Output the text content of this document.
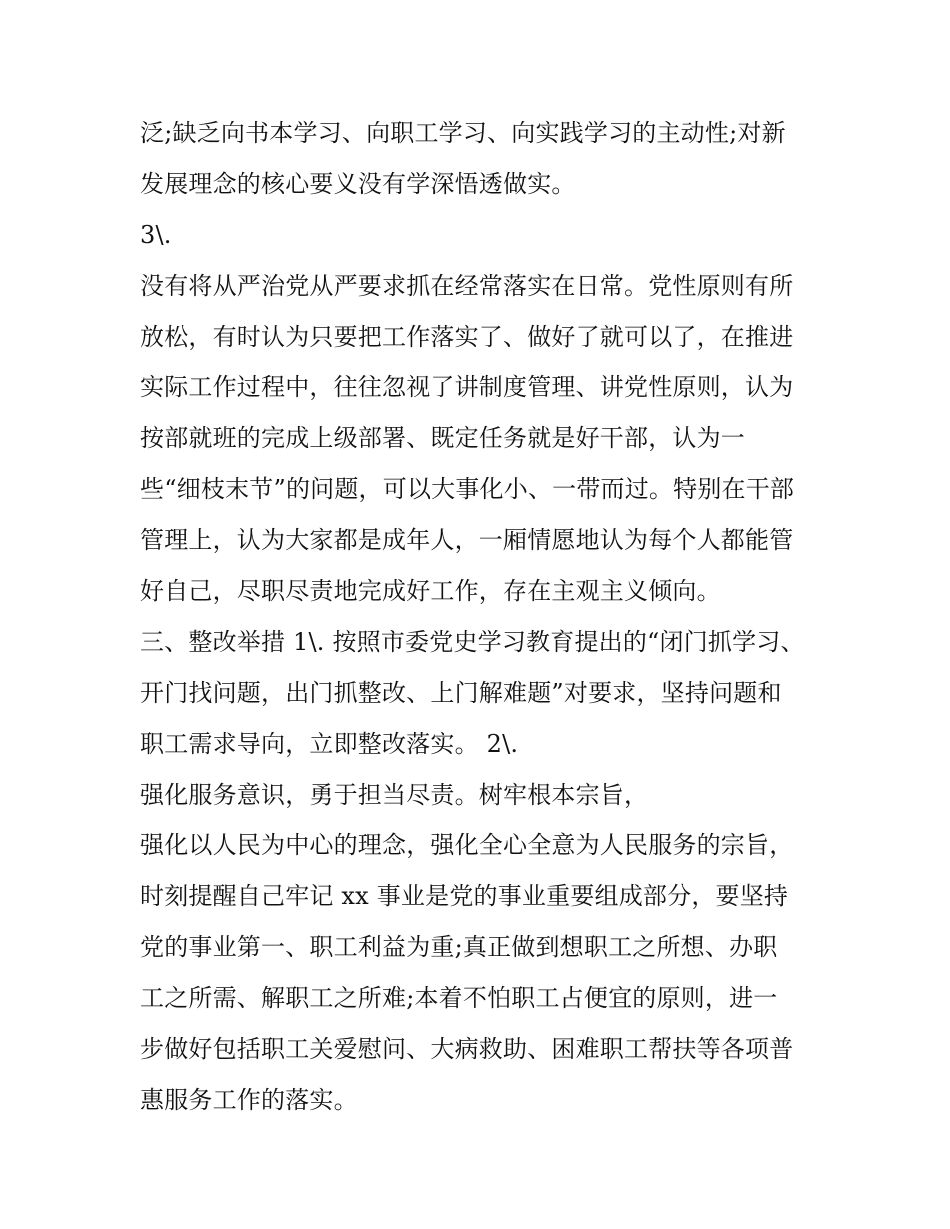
泛;缺乏向书本学习、向职工学习、向实践学习的主动性;对新
发展理念的核心要义没有学深悟透做实。
3\.
没有将从严治党从严要求抓在经常落实在日常。党性原则有所
放松，有时认为只要把工作落实了、做好了就可以了，在推进
实际工作过程中，往往忽视了讲制度管理、讲党性原则，认为
按部就班的完成上级部署、既定任务就是好干部，认为一
些“细枝末节”的问题，可以大事化小、一带而过。特别在干部
管理上，认为大家都是成年人，一厢情愿地认为每个人都能管
好自己，尽职尽责地完成好工作，存在主观主义倾向。
三、整改举措 1\. 按照市委党史学习教育提出的“闭门抓学习、
开门找问题，出门抓整改、上门解难题”对要求，坚持问题和
职工需求导向，立即整改落实。 2\.
强化服务意识，勇于担当尽责。树牢根本宗旨，
强化以人民为中心的理念，强化全心全意为人民服务的宗旨，
时刻提醒自己牢记 xx 事业是党的事业重要组成部分，要坚持
党的事业第一、职工利益为重;真正做到想职工之所想、办职
工之所需、解职工之所难;本着不怕职工占便宜的原则，进一
步做好包括职工关爱慰问、大病救助、困难职工帮扶等各项普
惠服务工作的落实。
